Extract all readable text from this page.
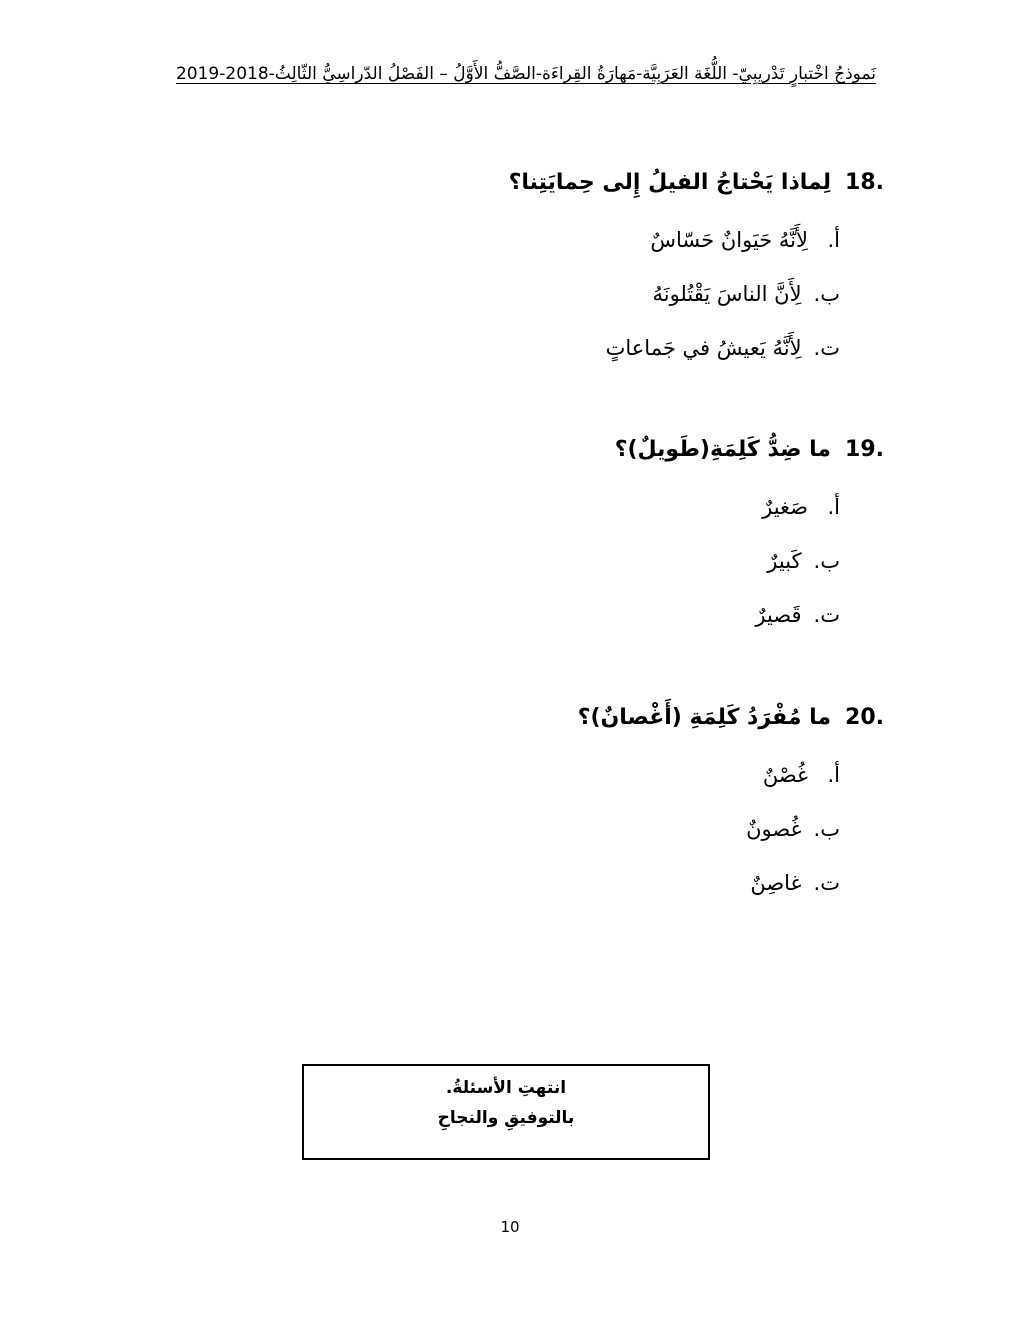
نَموذجُ اخْتبارٍ تَدْريبِيّ- اللُّغَة العَرَبِيَّة-مَهارَةُ القِراءَة-الصَّفُّ الأَوَّلُ – الفَصْلُ الدّراسِيُّ الثّالِثُ-2018-2019
18.
لِماذا يَحْتاجُ الفيلُ إِلى حِمايَتِنا؟
أ.
لِأَنَّهُ حَيَوانٌ حَسّاسٌ
ب.
لِأَنَّ الناسَ يَقْتُلونَهُ
ت.
لِأَنَّهُ يَعيشُ في جَماعاتٍ
19.
ما ضِدُّ كَلِمَةِ(طَويلٌ)؟
أ.
صَغيرٌ
ب.
كَبيرٌ
ت.
قَصيرٌ
20.
ما مُفْرَدُ كَلِمَةِ (أَغْصانٌ)؟
أ.
غُصْنٌ
ب.
غُصونٌ
ت.
غاصِنٌ
انتهتِ الأسئلةُ.
بالتوفيقِ والنجاحِ
10
